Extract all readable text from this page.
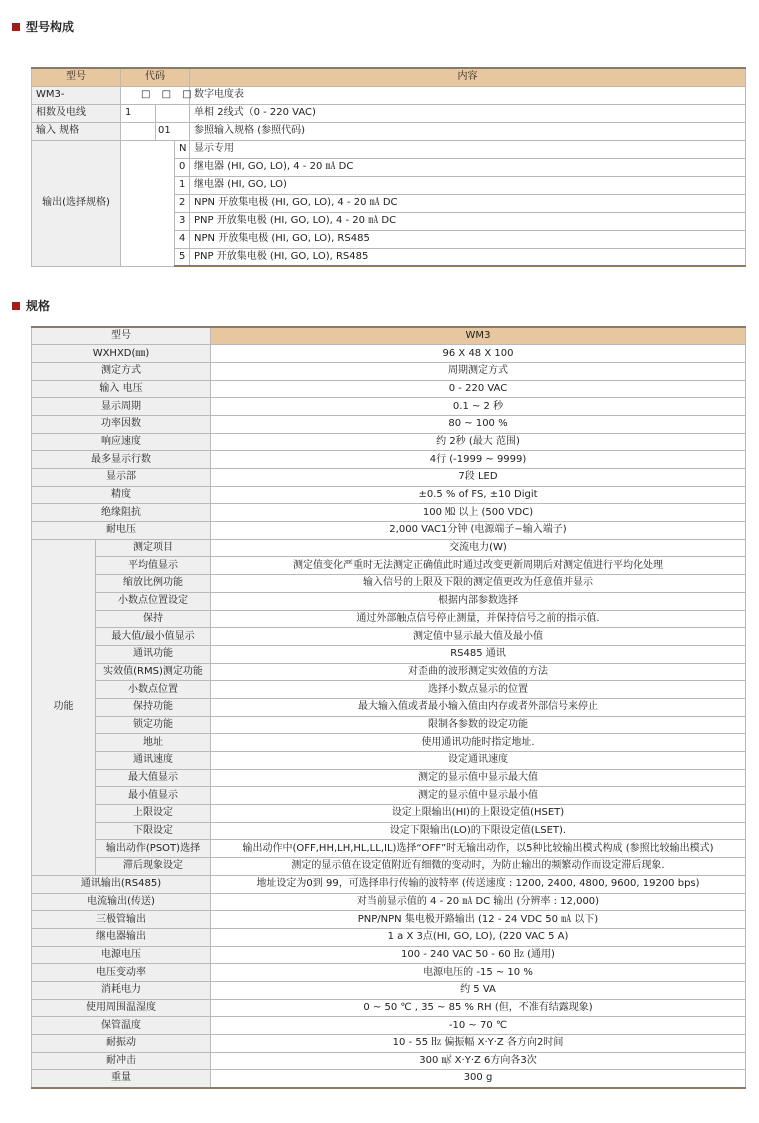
型号构成
型号	代码			内容
WM3-	□ □ □			数字电度表
相数及电线	1			单相 2线式（0 - 220 VAC)
输入 规格		01		参照输入规格 (参照代码)
输出(选择规格)			N	显示专用
			0	继电器 (HI, GO, LO), 4 - 20 ㎃ DC
			1	继电器 (HI, GO, LO)
			2	NPN 开放集电极 (HI, GO, LO), 4 - 20 ㎃ DC
			3	PNP 开放集电极 (HI, GO, LO), 4 - 20 ㎃ DC
			4	NPN 开放集电极 (HI, GO, LO), RS485
			5	PNP 开放集电极 (HI, GO, LO), RS485
规格
型号		WM3
WXHXD(㎜)		96 X 48 X 100
测定方式		周期测定方式
输入 电压		0 - 220 VAC
显示周期		0.1 ~ 2 秒
功率因数		80 ~ 100 %
响应速度		约 2秒 (最大 范围)
最多显示行数		4行 (-1999 ~ 9999)
显示部		7段 LED
精度		±0.5 % of FS, ±10 Digit
绝缘阻抗		100 ㏁ 以上 (500 VDC)
耐电压		2,000 VAC1分钟 (电源端子−输入端子)
功能	测定项目	交流电力(W)
	平均值显示	测定值变化严重时无法测定正确值此时通过改变更新周期后对测定值进行平均化处理
	缩放比例功能	输入信号的上限及下限的测定值更改为任意值并显示
	小数点位置设定	根据内部参数选择
	保持	通过外部触点信号停止测量，并保持信号之前的指示值.
	最大值/最小值显示	测定值中显示最大值及最小值
	通讯功能	RS485 通讯
	实效值(RMS)测定功能	对歪曲的波形测定实效值的方法
	小数点位置	选择小数点显示的位置
	保持功能	最大输入值或者最小输入值由内存或者外部信号来停止
	锁定功能	限制各参数的设定功能
	地址	使用通讯功能时指定地址.
	通讯速度	设定通讯速度
	最大值显示	测定的显示值中显示最大值
	最小值显示	测定的显示值中显示最小值
	上限设定	设定上限输出(HI)的上限设定值(HSET)
	下限设定	设定下限输出(LO)的下限设定值(LSET).
	输出动作(PSOT)选择	输出动作中(OFF,HH,LH,HL,LL,IL)选择“OFF”时无输出动作，以5种比较输出模式构成 (参照比较输出模式)
	滞后现象设定	测定的显示值在设定值附近有细微的变动时，为防止输出的频繁动作而设定滞后现象.
通讯输出(RS485)		地址设定为0到 99，可选择串行传输的波特率 (传送速度 : 1200, 2400, 4800, 9600, 19200 bps)
电流输出(传送)		对当前显示值的 4 - 20 ㎃ DC 输出 (分辨率 : 12,000)
三极管输出		PNP/NPN 集电极开路输出 (12 - 24 VDC 50 ㎃ 以下)
继电器输出		1 a X 3点(HI, GO, LO), (220 VAC 5 A)
电源电压		100 - 240 VAC 50 - 60 ㎐ (通用)
电压变动率		电源电压的 -15 ~ 10 %
消耗电力		约 5 VA
使用周围温湿度		0 ~ 50 ℃ , 35 ~ 85 % RH (但，不准有结露现象)
保管温度		-10 ~ 70 ℃
耐振动		10 - 55 ㎐ 偏振幅 X·Y·Z 各方向2时间
耐冲击		300 ㎨ X·Y·Z 6方向各3次
重量		300 g
